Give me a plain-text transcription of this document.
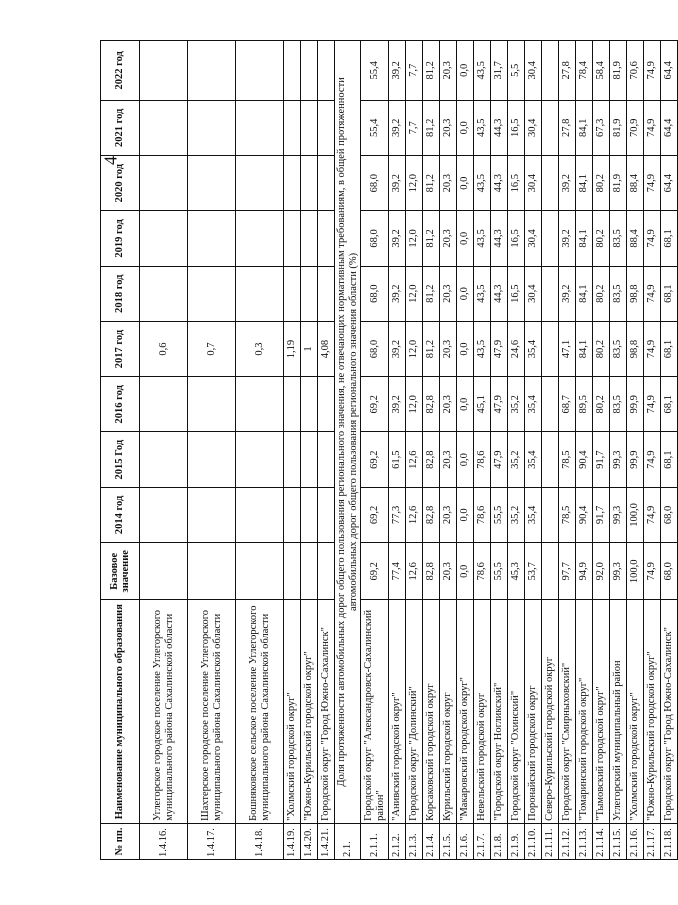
4
№ пп.	Наименование муниципального образования	Базовое значение	2014 год	2015 Год	2016 год	2017 год	2018 год	2019 год	2020 год	2021 год	2022 год
1.4.16.	Углегорское городское поселение Углегорского муниципального района Сахалинской области					0,6					
1.4.17.	Шахтерское городское поселение Углегорского муниципального района Сахалинской области					0,7					
1.4.18.	Бошняковское сельское поселение Углегорского муниципального района Сахалинской области					0,3					
1.4.19.	"Холмский городской округ"					1,19					
1.4.20.	"Южно-Курильский городской округ"					1					
1.4.21.	Городской округ "Город Южно-Сахалинск"					4,08					
2.1.	Доля протяженности автомобильных дорог общего пользования регионального значения, не отвечающих нормативным требованиям, в общей протяженности автомобильных дорог общего пользования регионального значения области (%)										
2.1.1.	Городской округ "Александровск-Сахалинский район"	69,2	69,2	69,2	69,2	68,0	68,0	68,0	68,0	55,4	55,4
2.1.2.	"Анивский городской округ"	77,4	77,3	61,5	39,2	39,2	39,2	39,2	39,2	39,2	39,2
2.1.3.	Городской округ "Долинский"	12,6	12,6	12,6	12,0	12,0	12,0	12,0	12,0	7,7	7,7
2.1.4.	Корсаковский городской округ	82,8	82,8	82,8	82,8	81,2	81,2	81,2	81,2	81,2	81,2
2.1.5.	Курильский городской округ	20,3	20,3	20,3	20,3	20,3	20,3	20,3	20,3	20,3	20,3
2.1.6.	"Макаровский городской округ"	0,0	0,0	0,0	0,0	0,0	0,0	0,0	0,0	0,0	0,0
2.1.7.	Невельский городской округ	78,6	78,6	78,6	45,1	43,5	43,5	43,5	43,5	43,5	43,5
2.1.8.	"Городской округ Ногликский"	55,5	55,5	47,9	47,9	47,9	44,3	44,3	44,3	44,3	31,7
2.1.9.	Городской округ "Охинский"	45,3	35,2	35,2	35,2	24,6	16,5	16,5	16,5	16,5	5,5
2.1.10.	Поронайский городской округ	53,7	35,4	35,4	35,4	35,4	30,4	30,4	30,4	30,4	30,4
2.1.11.	Северо-Курильский городской округ										
2.1.12.	Городской округ "Смирныховский"	97,7	78,5	78,5	68,7	47,1	39,2	39,2	39,2	27,8	27,8
2.1.13.	"Томаринский городской округ"	94,9	90,4	90,4	89,5	84,1	84,1	84,1	84,1	84,1	78,4
2.1.14.	"Тымовский городской округ"	92,0	91,7	91,7	80,2	80,2	80,2	80,2	80,2	67,3	58,4
2.1.15.	Углегорский муниципальный район	99,3	99,3	99,3	83,5	83,5	83,5	83,5	81,9	81,9	81,9
2.1.16.	"Холмский городской округ"	100,0	100,0	99,9	99,9	98,8	98,8	88,4	88,4	70,9	70,6
2.1.17.	"Южно-Курильский городской округ"	74,9	74,9	74,9	74,9	74,9	74,9	74,9	74,9	74,9	74,9
2.1.18.	Городской округ "Город Южно-Сахалинск"	68,0	68,0	68,1	68,1	68,1	68,1	68,1	64,4	64,4	64,4
